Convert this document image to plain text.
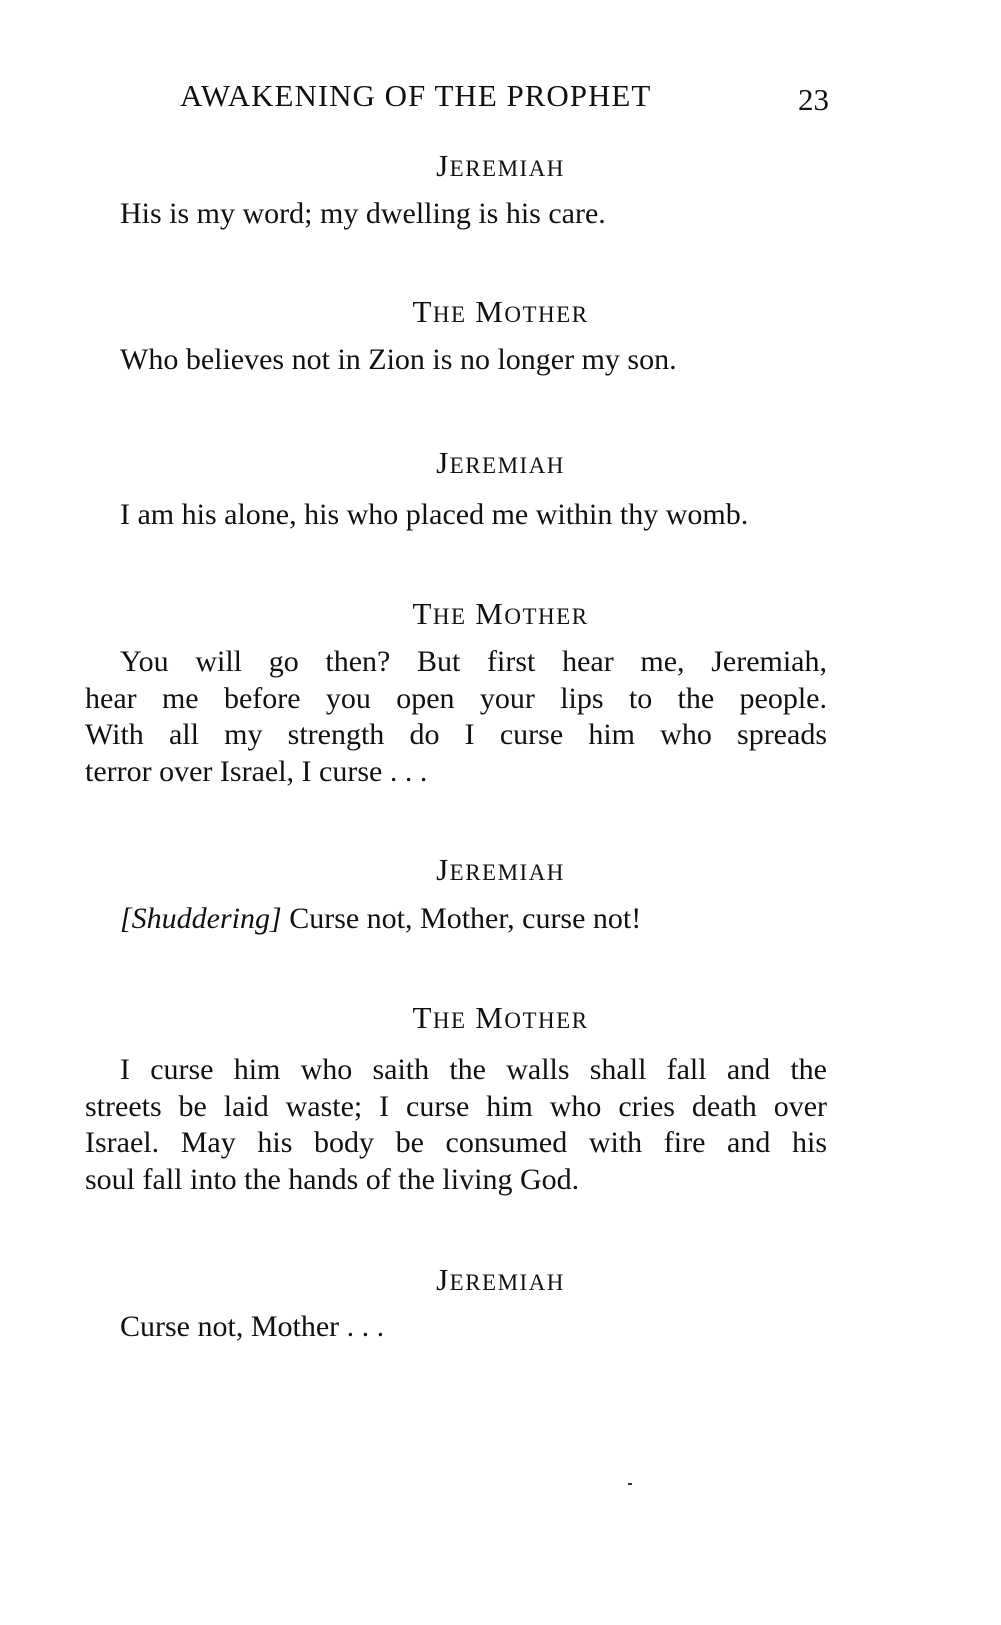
AWAKENING OF THE PROPHET	23
JEREMIAH
His is my word; my dwelling is his care.
THE MOTHER
Who believes not in Zion is no longer my son.
JEREMIAH
I am his alone, his who placed me within thy womb.
THE MOTHER
You will go then? But first hear me, Jeremiah,
hear me before you open your lips to the people.
With all my strength do I curse him who spreads
terror over Israel, I curse . . .
JEREMIAH
[Shuddering] Curse not, Mother, curse not!
THE MOTHER
I curse him who saith the walls shall fall and the
streets be laid waste; I curse him who cries death over
Israel. May his body be consumed with fire and his
soul fall into the hands of the living God.
JEREMIAH
Curse not, Mother . . .
